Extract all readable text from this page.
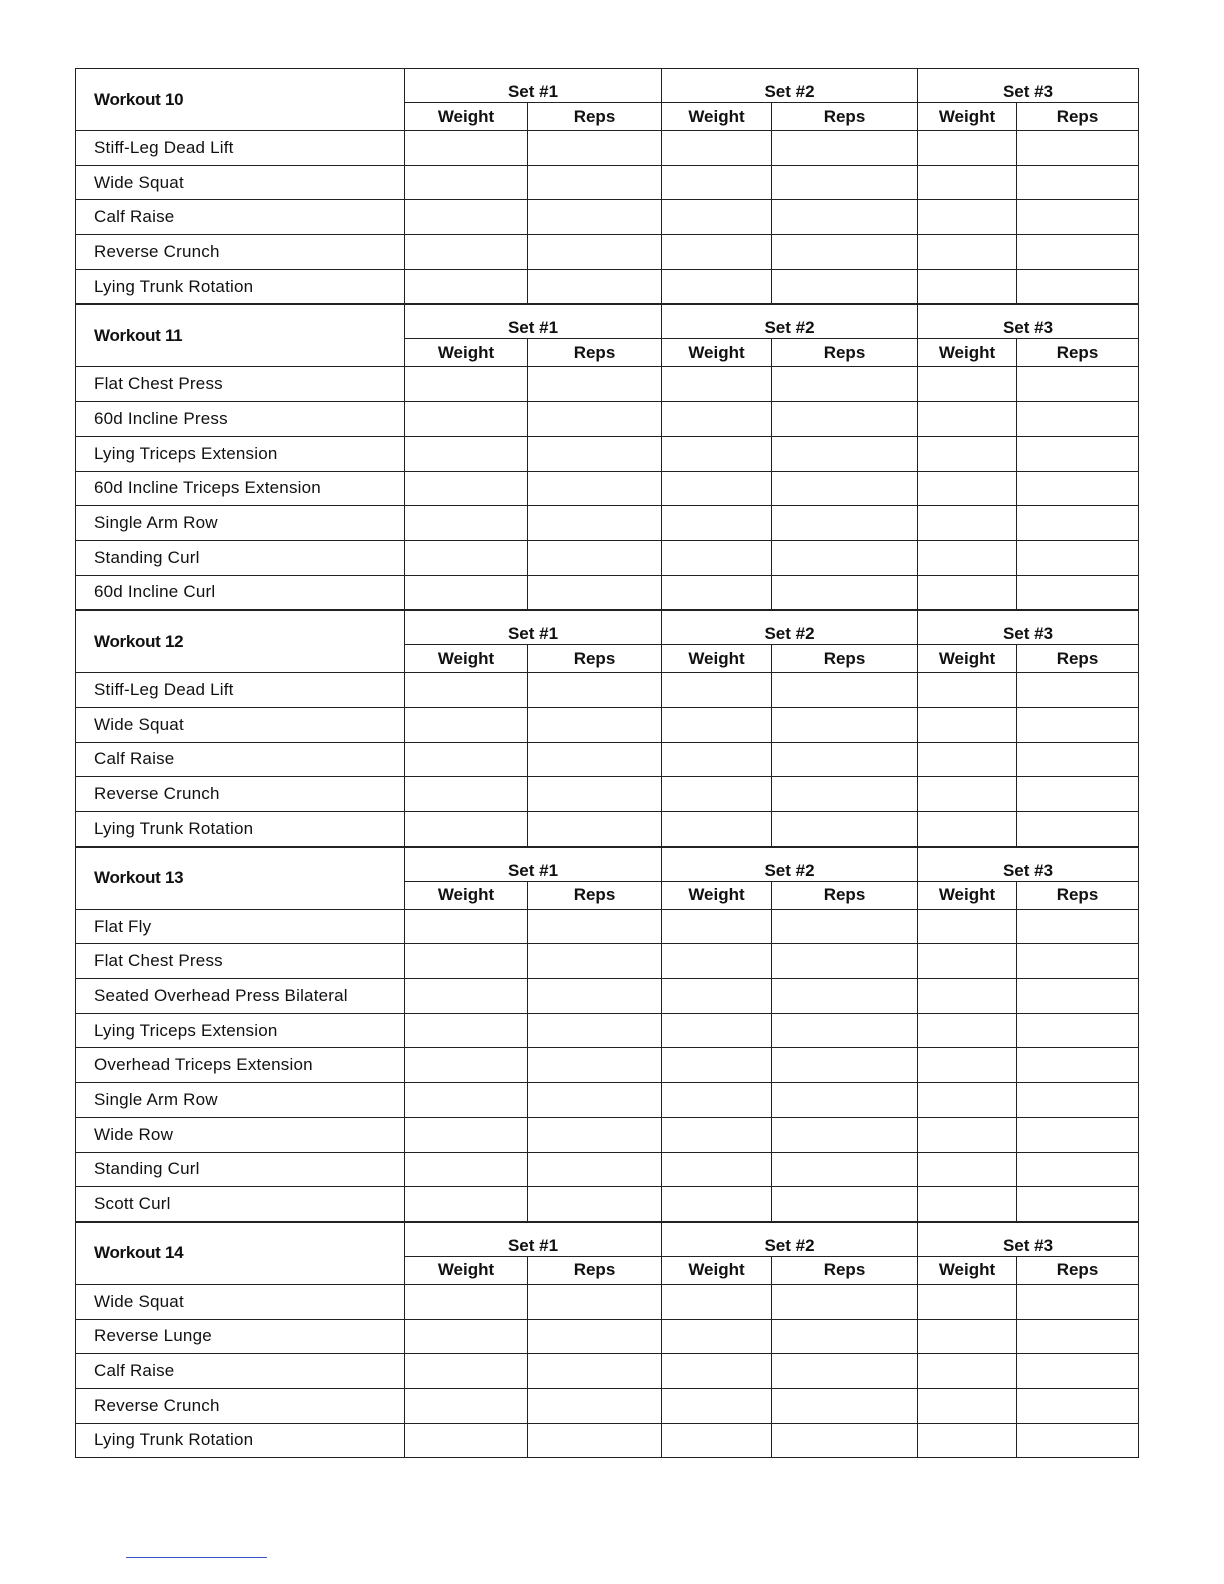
Workout 10	Set #1		Set #2		Set #3	
	Weight	Reps	Weight	Reps	Weight	Reps
Stiff-Leg Dead Lift						
Wide Squat						
Calf Raise						
Reverse Crunch						
Lying Trunk Rotation						
Workout 11	Set #1		Set #2		Set #3	
	Weight	Reps	Weight	Reps	Weight	Reps
Flat Chest Press						
60d Incline Press						
Lying Triceps Extension						
60d Incline Triceps Extension						
Single Arm Row						
Standing Curl						
60d Incline Curl						
Workout 12	Set #1		Set #2		Set #3	
	Weight	Reps	Weight	Reps	Weight	Reps
Stiff-Leg Dead Lift						
Wide Squat						
Calf Raise						
Reverse Crunch						
Lying Trunk Rotation						
Workout 13	Set #1		Set #2		Set #3	
	Weight	Reps	Weight	Reps	Weight	Reps
Flat Fly						
Flat Chest Press						
Seated Overhead Press Bilateral						
Lying Triceps Extension						
Overhead Triceps Extension						
Single Arm Row						
Wide Row						
Standing Curl						
Scott Curl						
Workout 14	Set #1		Set #2		Set #3	
	Weight	Reps	Weight	Reps	Weight	Reps
Wide Squat						
Reverse Lunge						
Calf Raise						
Reverse Crunch						
Lying Trunk Rotation						
